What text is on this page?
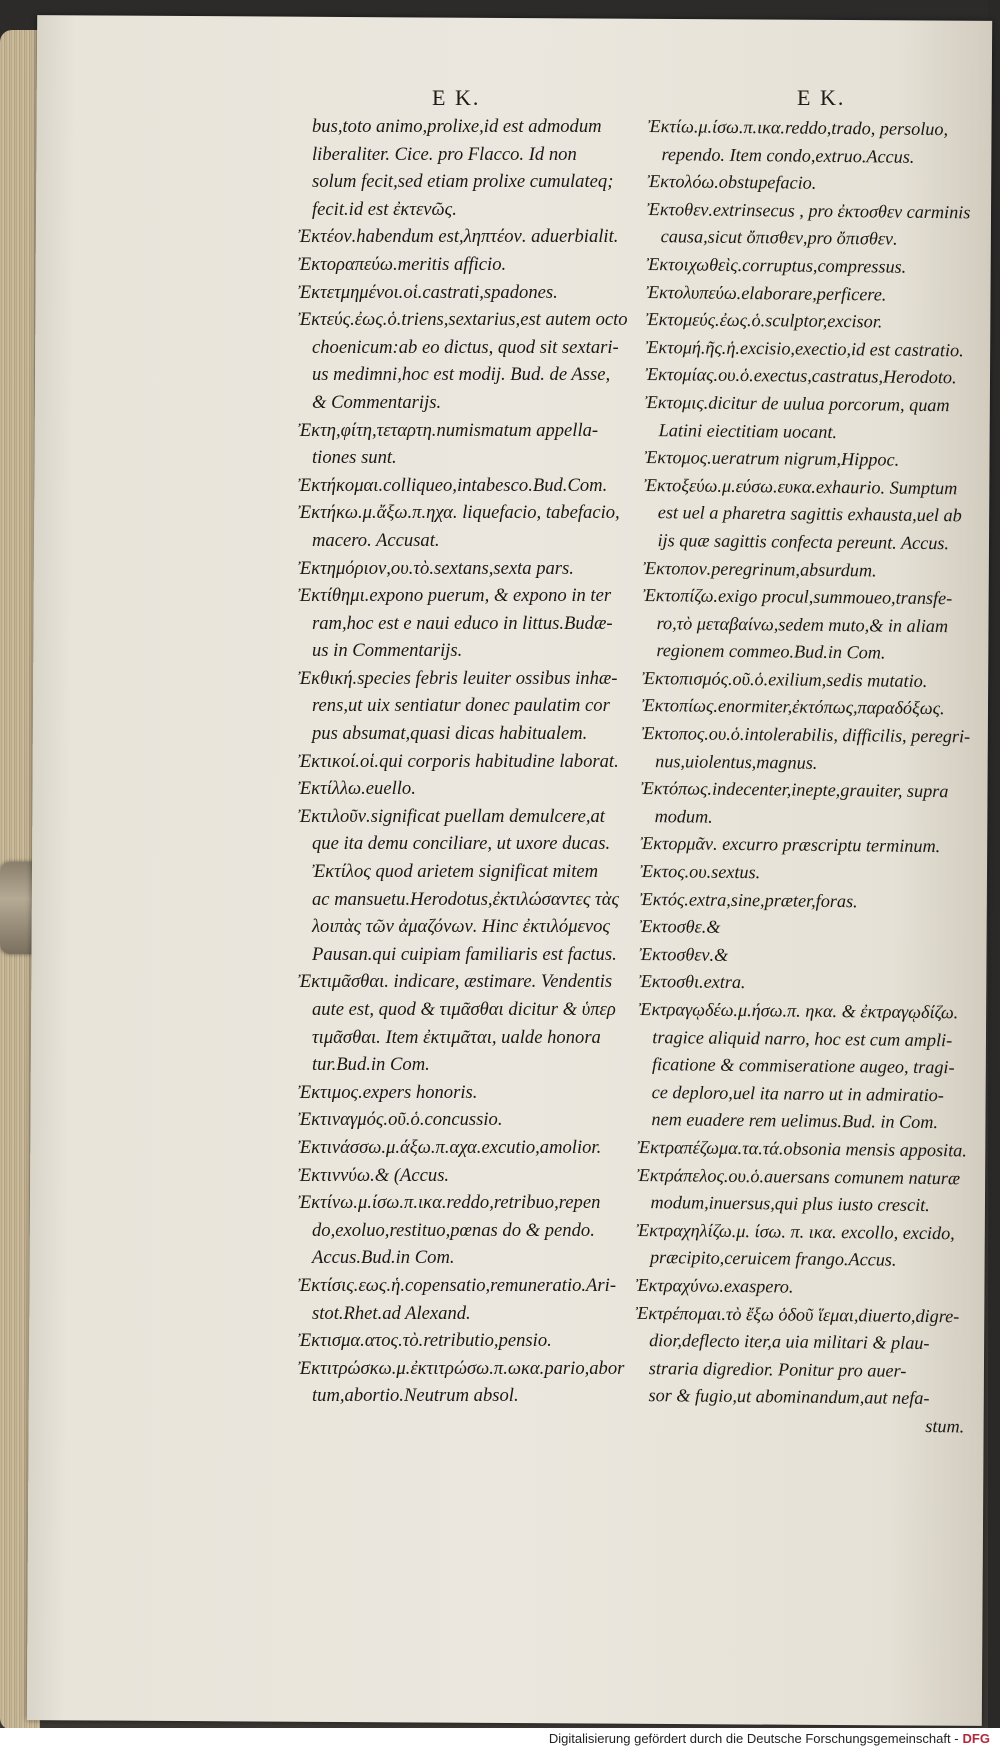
E K.	E K.
bus,toto animo,prolixe,id est admodum
liberaliter. Cice. pro Flacco. Id non
solum fecit,sed etiam prolixe cumulateq;
fecit.id est ἐκτενῶς.
Ἐκτέον.habendum est,ληπτέον. aduerbialit.
Ἐκτοραπεύω.meritis afficio.
Ἐκτετμημένοι.οἱ.castrati,spadones.
Ἐκτεύς.ἐως.ὁ.triens,sextarius,est autem octo
choenicum:ab eo dictus, quod sit sextari-
us medimni,hoc est modij. Bud. de Asse,
& Commentarijs.
Ἐκτη,φίτη,τεταρτη.numismatum appella-
tiones sunt.
Ἐκτήκομαι.colliqueo,intabesco.Bud.Com.
Ἐκτήκω.μ.ἄξω.π.ηχα. liquefacio, tabefacio,
macero. Accusat.
Ἐκτημόριον,ου.τὸ.sextans,sexta pars.
Ἐκτίθημι.expono puerum, & expono in ter
ram,hoc est e naui educo in littus.Budæ-
us in Commentarijs.
Ἐκθική.species febris leuiter ossibus inhæ-
rens,ut uix sentiatur donec paulatim cor
pus absumat,quasi dicas habitualem.
Ἐκτικοί.οἱ.qui corporis habitudine laborat.
Ἐκτίλλω.euello.
Ἐκτιλοῦν.significat puellam demulcere,at
que ita demu conciliare, ut uxore ducas.
Ἐκτίλος quod arietem significat mitem
ac mansuetu.Herodotus,ἐκτιλώσαντες τὰς
λοιπὰς τῶν ἀμαζόνων. Hinc ἐκτιλόμενος
Pausan.qui cuipiam familiaris est factus.
Ἐκτιμᾶσθαι. indicare, æstimare. Vendentis
aute est, quod & τιμᾶσθαι dicitur & ὑπερ
τιμᾶσθαι. Item ἐκτιμᾶται, ualde honora
tur.Bud.in Com.
Ἐκτιμος.expers honoris.
Ἐκτιναγμός.οῦ.ὁ.concussio.
Ἐκτινάσσω.μ.άξω.π.αχα.excutio,amolior.
Ἐκτιννύω.& (Accus.
Ἐκτίνω.μ.ίσω.π.ικα.reddo,retribuo,repen
do,exoluo,restituo,pœnas do & pendo.
Accus.Bud.in Com.
Ἐκτίσις.εως.ἡ.copensatio,remuneratio.Ari-
stot.Rhet.ad Alexand.
Ἐκτισμα.ατος.τὸ.retributio,pensio.
Ἐκτιτρώσκω.μ.ἐκτιτρώσω.π.ωκα.pario,abor
tum,abortio.Neutrum absol.
Ἐκτίω.μ.ίσω.π.ικα.reddo,trado, persoluo,
rependo. Item condo,extruo.Accus.
Ἐκτολόω.obstupefacio.
Ἐκτοθεν.extrinsecus , pro ἐκτοσθεν carminis
causa,sicut ὄπισθεν,pro ὄπισθεν.
Ἐκτοιχωθεὶς.corruptus,compressus.
Ἐκτολυπεύω.elaborare,perficere.
Ἐκτομεύς.ἐως.ὁ.sculptor,excisor.
Ἐκτομή.ῆς.ἡ.excisio,exectio,id est castratio.
Ἐκτομίας.ου.ὁ.exectus,castratus,Herodoto.
Ἐκτομις.dicitur de uulua porcorum, quam
Latini eiectitiam uocant.
Ἐκτομος.ueratrum nigrum,Hippoc.
Ἐκτοξεύω.μ.εύσω.ευκα.exhaurio. Sumptum
est uel a pharetra sagittis exhausta,uel ab
ijs quæ sagittis confecta pereunt. Accus.
Ἐκτοπον.peregrinum,absurdum.
Ἐκτοπίζω.exigo procul,summoueo,transfe-
ro,τὸ μεταβαίνω,sedem muto,& in aliam
regionem commeo.Bud.in Com.
Ἐκτοπισμός.οῦ.ὁ.exilium,sedis mutatio.
Ἐκτοπίως.enormiter,ἐκτόπως,παραδόξως.
Ἐκτοπος.ου.ὁ.intolerabilis, difficilis, peregri-
nus,uiolentus,magnus.
Ἐκτόπως.indecenter,inepte,grauiter, supra
modum.
Ἐκτορμᾶν. excurro præscriptu terminum.
Ἐκτος.ου.sextus.
Ἐκτός.extra,sine,præter,foras.
Ἐκτοσθε.&
Ἐκτοσθεν.&
Ἐκτοσθι.extra.
Ἐκτραγῳδέω.μ.ήσω.π. ηκα. & ἐκτραγῳδίζω.
tragice aliquid narro, hoc est cum ampli-
ficatione & commiseratione augeo, tragi-
ce deploro,uel ita narro ut in admiratio-
nem euadere rem uelimus.Bud. in Com.
Ἐκτραπέζωμα.τα.τά.obsonia mensis apposita.
Ἐκτράπελος.ου.ὁ.auersans comunem naturæ
modum,inuersus,qui plus iusto crescit.
Ἐκτραχηλίζω.μ. ίσω. π. ικα. excollo, excido,
præcipito,ceruicem frango.Accus.
Ἐκτραχύνω.exaspero.
Ἐκτρέπομαι.τὸ ἔξω ὁδοῦ ἵεμαι,diuerto,digre-
dior,deflecto iter,a uia militari & plau-
straria digredior. Ponitur pro auer-
sor & fugio,ut abominandum,aut nefa-
stum.
Digitalisierung gefördert durch die Deutsche Forschungsgemeinschaft - DFG
